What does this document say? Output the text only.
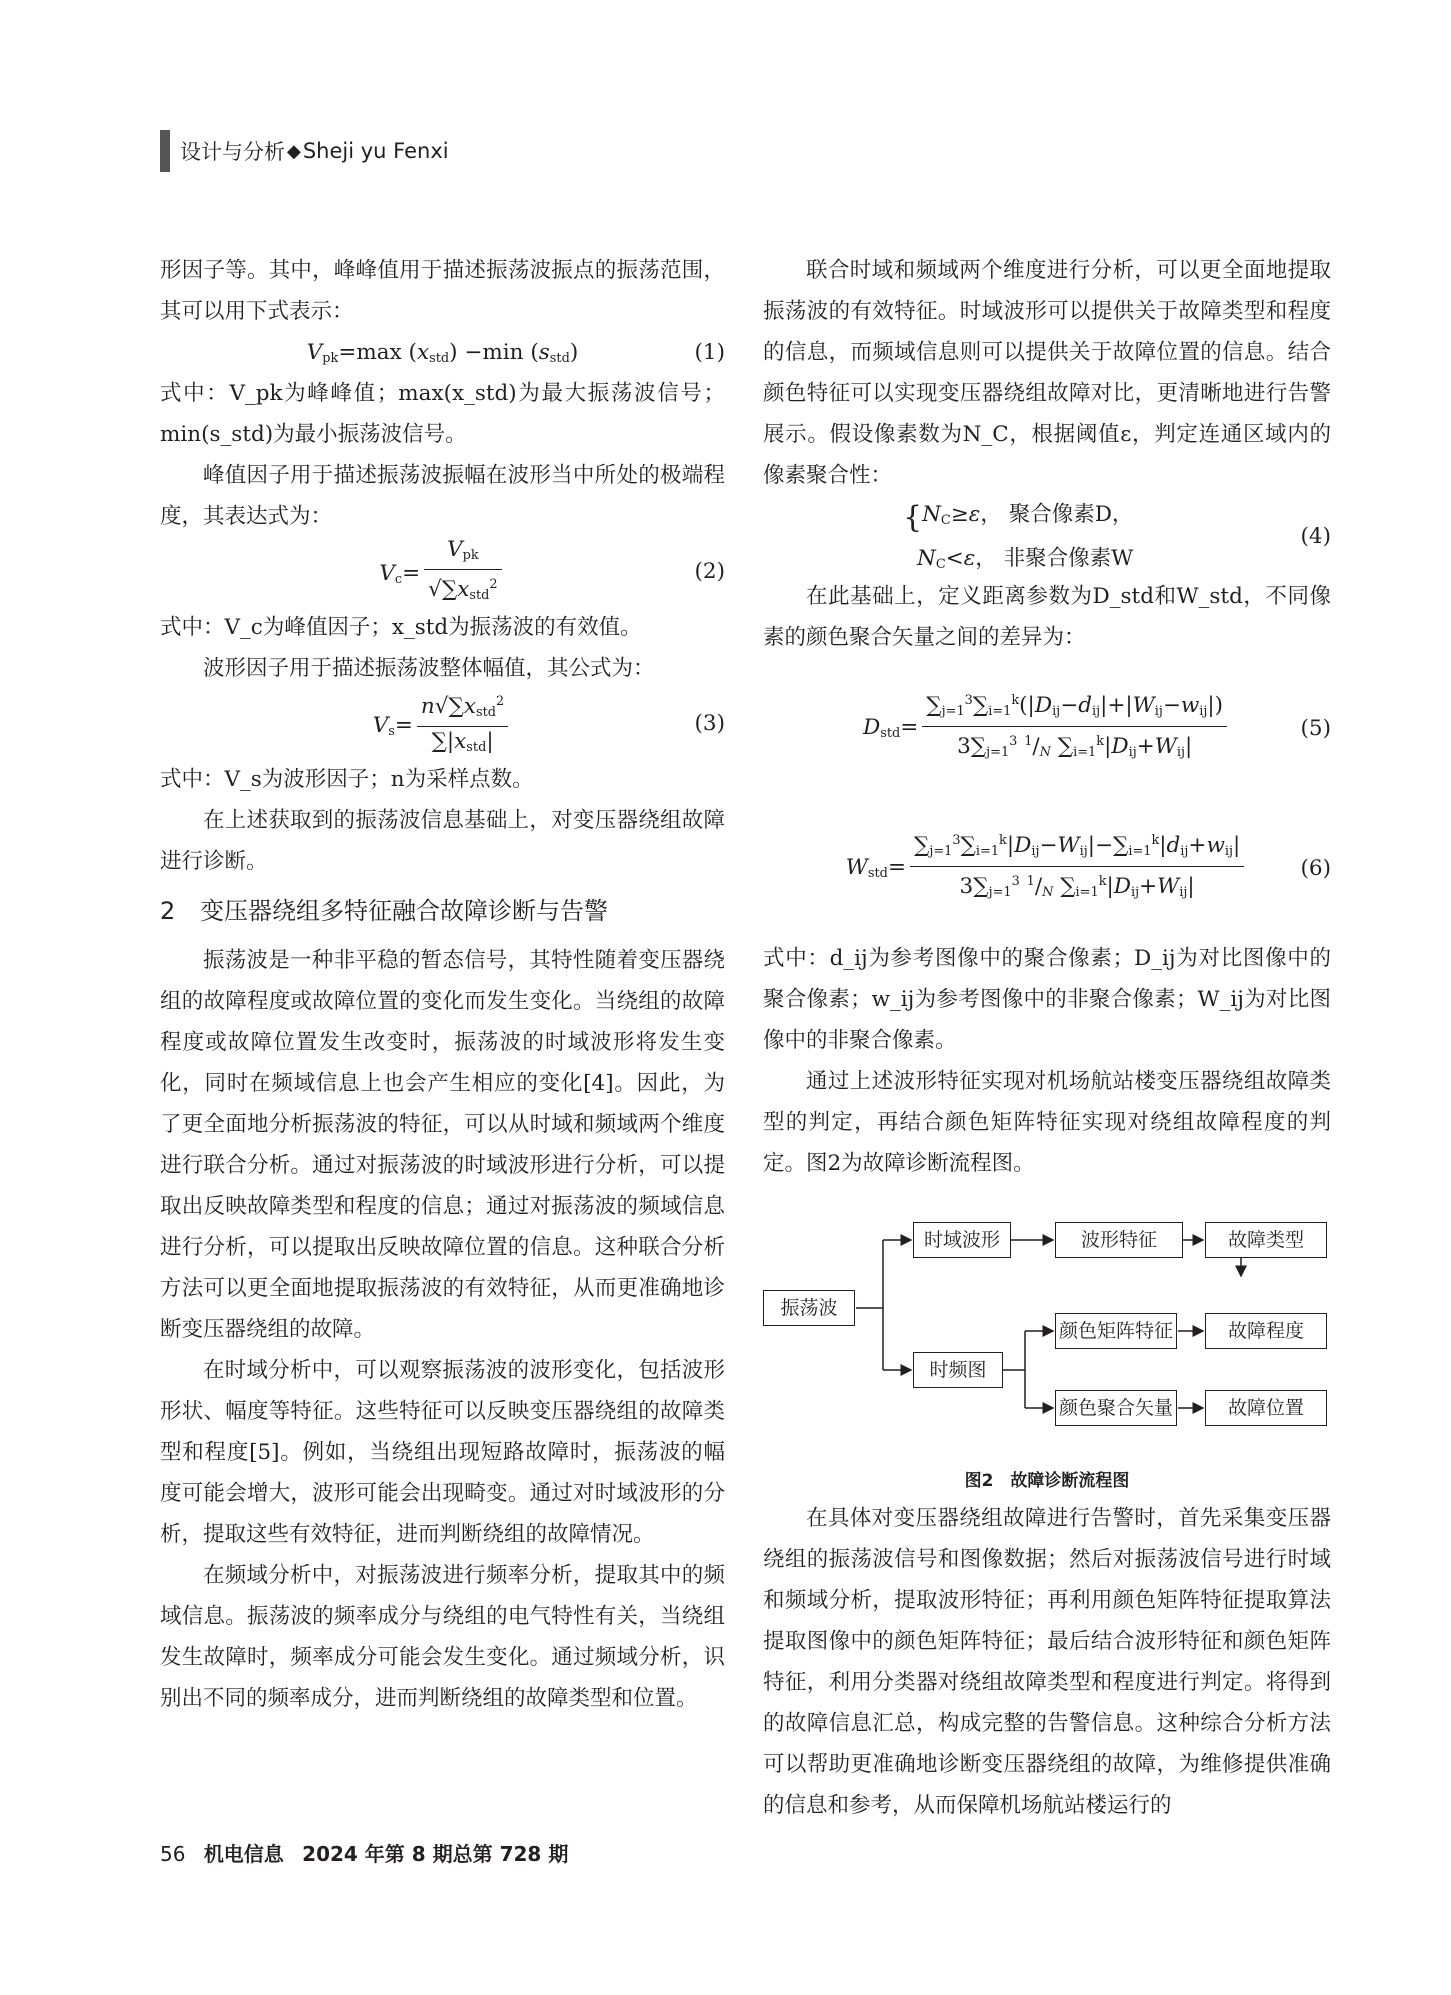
设计与分析 ◆ Sheji yu Fenxi

形因子等。其中，峰峰值用于描述振荡波振点的振荡范围，其可以用下式表示：

$V_{pk}=\max$ $(x_{std}) -\min$ $(s_{std})$	(1)

式中：V_pk为峰峰值；max(x_std)为最大振荡波信号；min(s_std)为最小振荡波信号。

峰值因子用于描述振荡波振幅在波形当中所处的极端程度，其表达式为：

$V_c= \frac{V_{pk}}{√\sum x_{std}^2}$	(2)

式中：V_c为峰值因子；x_std为振荡波的有效值。

波形因子用于描述振荡波整体幅值，其公式为：

$V_s= \frac{n√\sum x_{std}^2}{\sum|x_{std}|}$	(3)

式中：V_s为波形因子；n为采样点数。

在上述获取到的振荡波信息基础上，对变压器绕组故障进行诊断。

2 变压器绕组多特征融合故障诊断与告警

振荡波是一种非平稳的暂态信号，其特性随着变压器绕组的故障程度或故障位置的变化而发生变化。当绕组的故障程度或故障位置发生改变时，振荡波的时域波形将发生变化，同时在频域信息上也会产生相应的变化[4]。因此，为了更全面地分析振荡波的特征，可以从时域和频域两个维度进行联合分析。通过对振荡波的时域波形进行分析，可以提取出反映故障类型和程度的信息；通过对振荡波的频域信息进行分析，可以提取出反映故障位置的信息。这种联合分析方法可以更全面地提取振荡波的有效特征，从而更准确地诊断变压器绕组的故障。

在时域分析中，可以观察振荡波的波形变化，包括波形形状、幅度等特征。这些特征可以反映变压器绕组的故障类型和程度[5]。例如，当绕组出现短路故障时，振荡波的幅度可能会增大，波形可能会出现畸变。通过对时域波形的分析，提取这些有效特征，进而判断绕组的故障情况。

在频域分析中，对振荡波进行频率分析，提取其中的频域信息。振荡波的频率成分与绕组的电气特性有关，当绕组发生故障时，频率成分可能会发生变化。通过频域分析，识别出不同的频率成分，进而判断绕组的故障类型和位置。

联合时域和频域两个维度进行分析，可以更全面地提取振荡波的有效特征。时域波形可以提供关于故障类型和程度的信息，而频域信息则可以提供关于故障位置的信息。结合颜色特征可以实现变压器绕组故障对比，更清晰地进行告警展示。假设像素数为N_C，根据阈值ε，判定连通区域内的像素聚合性：

{$N_C\ge\varepsilon$， 聚合像素D，
$N_C<\varepsilon$， 非聚合像素W
(4)

在此基础上，定义距离参数为D_std和W_std，不同像素的颜色聚合矢量之间的差异为：

$D_{std}= \frac{\sum_{j=1}^3\sum_{i=1}^k(|D_{ij}-d_{ij}|+|W_{ij}-w_{ij}|)}{3\sum_{j=1}^3 ^1/_N \sum_{i=1}^k|D_{ij}+W_{ij}|}$	(5)
$W_{std}= \frac{\sum_{j=1}^3\sum_{i=1}^k|D_{ij}-W_{ij}|-\sum_{i=1}^k|d_{ij}+w_{ij}|}{3\sum_{j=1}^3 ^1/_N \sum_{i=1}^k|D_{ij}+W_{ij}|}$	(6)

式中：d_ij为参考图像中的聚合像素；D_ij为对比图像中的聚合像素；w_ij为参考图像中的非聚合像素；W_ij为对比图像中的非聚合像素。

通过上述波形特征实现对机场航站楼变压器绕组故障类型的判定，再结合颜色矩阵特征实现对绕组故障程度的判定。图2为故障诊断流程图。

振荡波
时域波形	波形特征	故障类型
时频图
颜色矩阵特征	故障程度
颜色聚合矢量	故障位置
图2　故障诊断流程图

在具体对变压器绕组故障进行告警时，首先采集变压器绕组的振荡波信号和图像数据；然后对振荡波信号进行时域和频域分析，提取波形特征；再利用颜色矩阵特征提取算法提取图像中的颜色矩阵特征；最后结合波形特征和颜色矩阵特征，利用分类器对绕组故障类型和程度进行判定。将得到的故障信息汇总，构成完整的告警信息。这种综合分析方法可以帮助更准确地诊断变压器绕组的故障，为维修提供准确的信息和参考，从而保障机场航站楼运行的

56 机电信息 2024 年第 8 期总第 728 期
